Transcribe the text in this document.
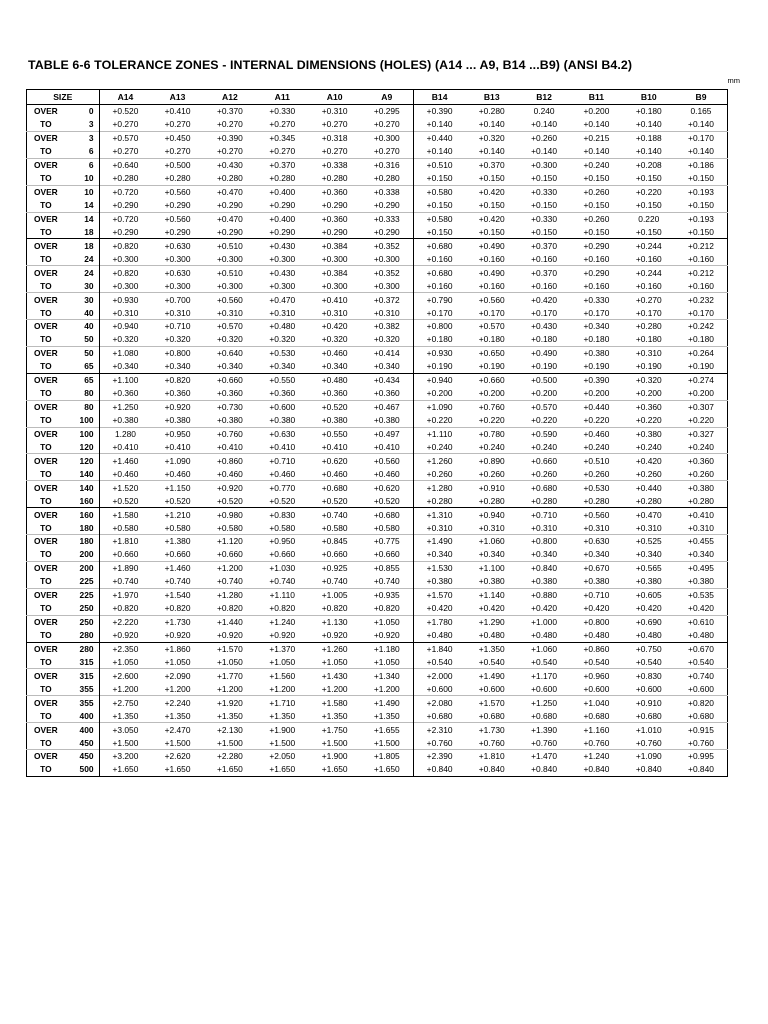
TABLE 6-6 TOLERANCE ZONES - INTERNAL DIMENSIONS (HOLES) (A14 ... A9, B14 ...B9) (ANSI B4.2)
mm
SIZE		A14	A13	A12	A11	A10	A9	B14	B13	B12	B11	B10	B9
OVER	0	+0.520	+0.410	+0.370	+0.330	+0.310	+0.295	+0.390	+0.280	0.240	+0.200	+0.180	0.165
TO	3	+0.270	+0.270	+0.270	+0.270	+0.270	+0.270	+0.140	+0.140	+0.140	+0.140	+0.140	+0.140
OVER	3	+0.570	+0.450	+0.390	+0.345	+0.318	+0.300	+0.440	+0.320	+0.260	+0.215	+0.188	+0.170
TO	6	+0.270	+0.270	+0.270	+0.270	+0.270	+0.270	+0.140	+0.140	+0.140	+0.140	+0.140	+0.140
OVER	6	+0.640	+0.500	+0.430	+0.370	+0.338	+0.316	+0.510	+0.370	+0.300	+0.240	+0.208	+0.186
TO	10	+0.280	+0.280	+0.280	+0.280	+0.280	+0.280	+0.150	+0.150	+0.150	+0.150	+0.150	+0.150
OVER	10	+0.720	+0.560	+0.470	+0.400	+0.360	+0.338	+0.580	+0.420	+0.330	+0.260	+0.220	+0.193
TO	14	+0.290	+0.290	+0.290	+0.290	+0.290	+0.290	+0.150	+0.150	+0.150	+0.150	+0.150	+0.150
OVER	14	+0.720	+0.560	+0.470	+0.400	+0.360	+0.333	+0.580	+0.420	+0.330	+0.260	0.220	+0.193
TO	18	+0.290	+0.290	+0.290	+0.290	+0.290	+0.290	+0.150	+0.150	+0.150	+0.150	+0.150	+0.150
OVER	18	+0.820	+0.630	+0.510	+0.430	+0.384	+0.352	+0.680	+0.490	+0.370	+0.290	+0.244	+0.212
TO	24	+0.300	+0.300	+0.300	+0.300	+0.300	+0.300	+0.160	+0.160	+0.160	+0.160	+0.160	+0.160
OVER	24	+0.820	+0.630	+0.510	+0.430	+0.384	+0.352	+0.680	+0.490	+0.370	+0.290	+0.244	+0.212
TO	30	+0.300	+0.300	+0.300	+0.300	+0.300	+0.300	+0.160	+0.160	+0.160	+0.160	+0.160	+0.160
OVER	30	+0.930	+0.700	+0.560	+0.470	+0.410	+0.372	+0.790	+0.560	+0.420	+0.330	+0.270	+0.232
TO	40	+0.310	+0.310	+0.310	+0.310	+0.310	+0.310	+0.170	+0.170	+0.170	+0.170	+0.170	+0.170
OVER	40	+0.940	+0.710	+0.570	+0.480	+0.420	+0.382	+0.800	+0.570	+0.430	+0.340	+0.280	+0.242
TO	50	+0.320	+0.320	+0.320	+0.320	+0.320	+0.320	+0.180	+0.180	+0.180	+0.180	+0.180	+0.180
OVER	50	+1.080	+0.800	+0.640	+0.530	+0.460	+0.414	+0.930	+0.650	+0.490	+0.380	+0.310	+0.264
TO	65	+0.340	+0.340	+0.340	+0.340	+0.340	+0.340	+0.190	+0.190	+0.190	+0.190	+0.190	+0.190
OVER	65	+1.100	+0.820	+0.660	+0.550	+0.480	+0.434	+0.940	+0.660	+0.500	+0.390	+0.320	+0.274
TO	80	+0.360	+0.360	+0.360	+0.360	+0.360	+0.360	+0.200	+0.200	+0.200	+0.200	+0.200	+0.200
OVER	80	+1.250	+0.920	+0.730	+0.600	+0.520	+0.467	+1.090	+0.760	+0.570	+0.440	+0.360	+0.307
TO	100	+0.380	+0.380	+0.380	+0.380	+0.380	+0.380	+0.220	+0.220	+0.220	+0.220	+0.220	+0.220
OVER	100	1.280	+0.950	+0.760	+0.630	+0.550	+0.497	+1.110	+0.780	+0.590	+0.460	+0.380	+0.327
TO	120	+0.410	+0.410	+0.410	+0.410	+0.410	+0.410	+0.240	+0.240	+0.240	+0.240	+0.240	+0.240
OVER	120	+1.460	+1.090	+0.860	+0.710	+0.620	+0.560	+1.260	+0.890	+0.660	+0.510	+0.420	+0.360
TO	140	+0.460	+0.460	+0.460	+0.460	+0.460	+0.460	+0.260	+0.260	+0.260	+0.260	+0.260	+0.260
OVER	140	+1.520	+1.150	+0.920	+0.770	+0.680	+0.620	+1.280	+0.910	+0.680	+0.530	+0.440	+0.380
TO	160	+0.520	+0.520	+0.520	+0.520	+0.520	+0.520	+0.280	+0.280	+0.280	+0.280	+0.280	+0.280
OVER	160	+1.580	+1.210	+0.980	+0.830	+0.740	+0.680	+1.310	+0.940	+0.710	+0.560	+0.470	+0.410
TO	180	+0.580	+0.580	+0.580	+0.580	+0.580	+0.580	+0.310	+0.310	+0.310	+0.310	+0.310	+0.310
OVER	180	+1.810	+1.380	+1.120	+0.950	+0.845	+0.775	+1.490	+1.060	+0.800	+0.630	+0.525	+0.455
TO	200	+0.660	+0.660	+0.660	+0.660	+0.660	+0.660	+0.340	+0.340	+0.340	+0.340	+0.340	+0.340
OVER	200	+1.890	+1.460	+1.200	+1.030	+0.925	+0.855	+1.530	+1.100	+0.840	+0.670	+0.565	+0.495
TO	225	+0.740	+0.740	+0.740	+0.740	+0.740	+0.740	+0.380	+0.380	+0.380	+0.380	+0.380	+0.380
OVER	225	+1.970	+1.540	+1.280	+1.110	+1.005	+0.935	+1.570	+1.140	+0.880	+0.710	+0.605	+0.535
TO	250	+0.820	+0.820	+0.820	+0.820	+0.820	+0.820	+0.420	+0.420	+0.420	+0.420	+0.420	+0.420
OVER	250	+2.220	+1.730	+1.440	+1.240	+1.130	+1.050	+1.780	+1.290	+1.000	+0.800	+0.690	+0.610
TO	280	+0.920	+0.920	+0.920	+0.920	+0.920	+0.920	+0.480	+0.480	+0.480	+0.480	+0.480	+0.480
OVER	280	+2.350	+1.860	+1.570	+1.370	+1.260	+1.180	+1.840	+1.350	+1.060	+0.860	+0.750	+0.670
TO	315	+1.050	+1.050	+1.050	+1.050	+1.050	+1.050	+0.540	+0.540	+0.540	+0.540	+0.540	+0.540
OVER	315	+2.600	+2.090	+1.770	+1.560	+1.430	+1.340	+2.000	+1.490	+1.170	+0.960	+0.830	+0.740
TO	355	+1.200	+1.200	+1.200	+1.200	+1.200	+1.200	+0.600	+0.600	+0.600	+0.600	+0.600	+0.600
OVER	355	+2.750	+2.240	+1.920	+1.710	+1.580	+1.490	+2.080	+1.570	+1.250	+1.040	+0.910	+0.820
TO	400	+1.350	+1.350	+1.350	+1.350	+1.350	+1.350	+0.680	+0.680	+0.680	+0.680	+0.680	+0.680
OVER	400	+3.050	+2.470	+2.130	+1.900	+1.750	+1.655	+2.310	+1.730	+1.390	+1.160	+1.010	+0.915
TO	450	+1.500	+1.500	+1.500	+1.500	+1.500	+1.500	+0.760	+0.760	+0.760	+0.760	+0.760	+0.760
OVER	450	+3.200	+2.620	+2.280	+2.050	+1.900	+1.805	+2.390	+1.810	+1.470	+1.240	+1.090	+0.995
TO	500	+1.650	+1.650	+1.650	+1.650	+1.650	+1.650	+0.840	+0.840	+0.840	+0.840	+0.840	+0.840
